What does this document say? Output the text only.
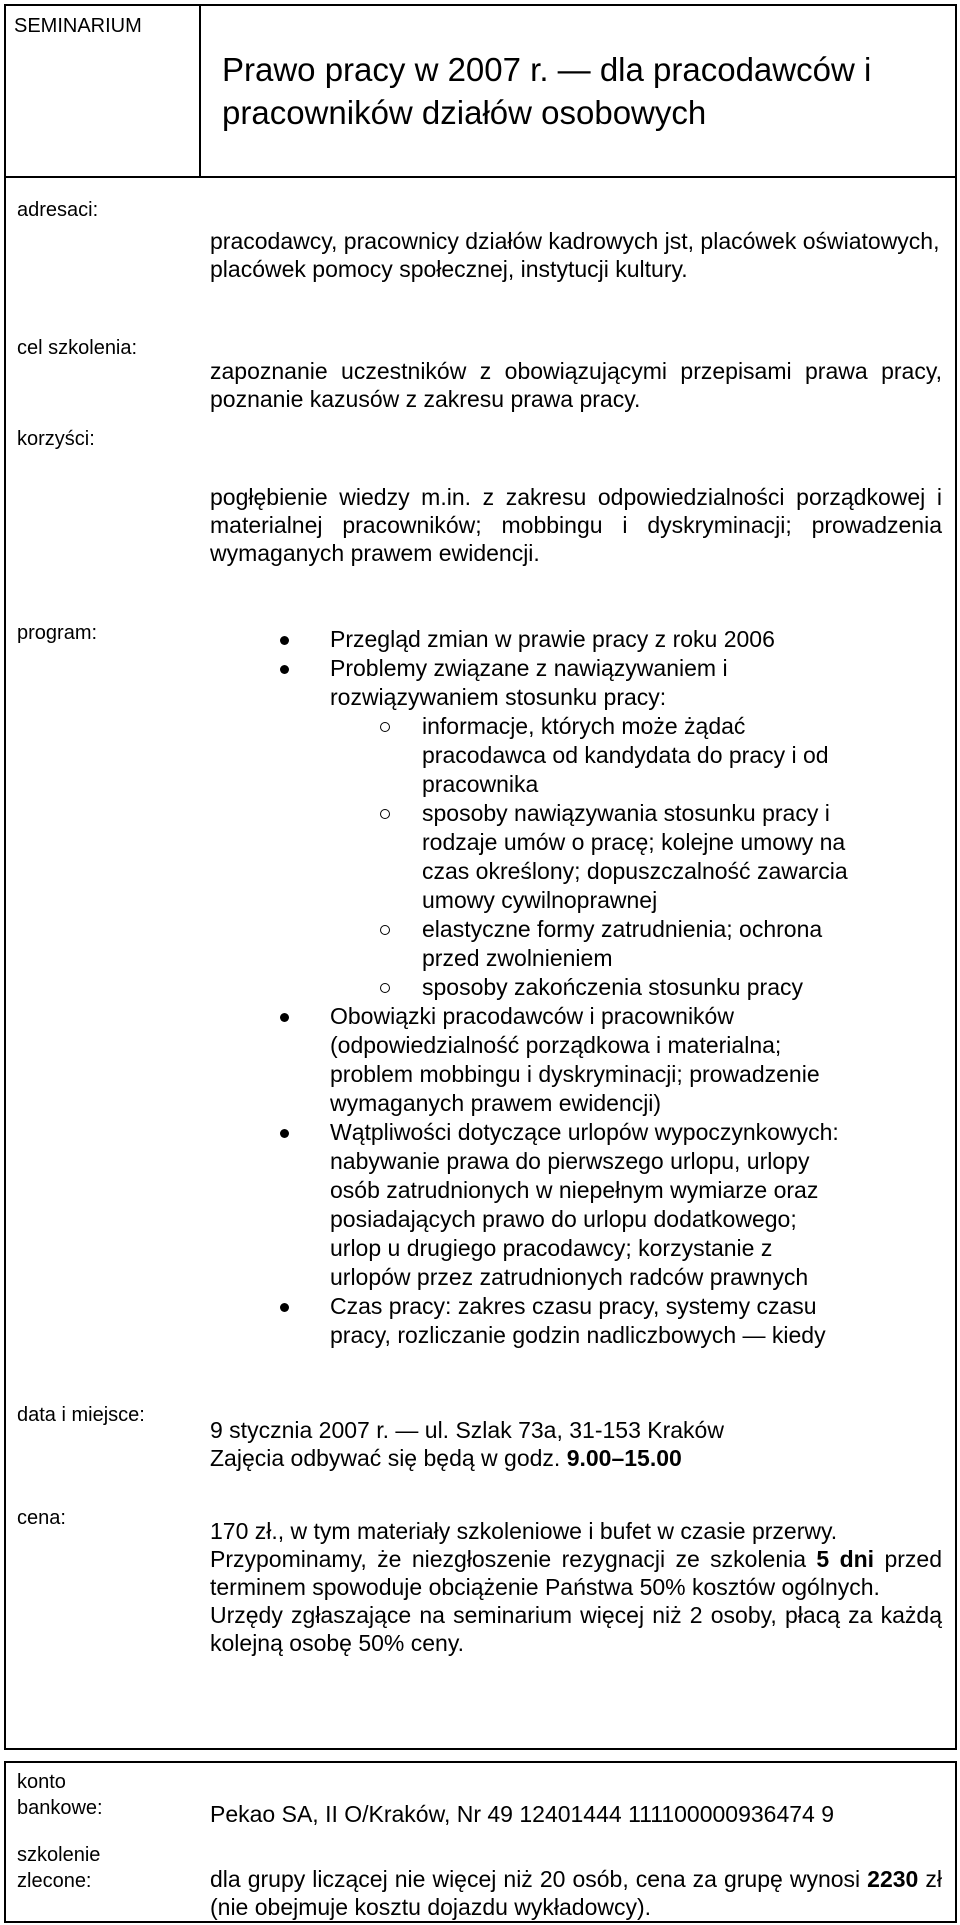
SEMINARIUM
Prawo pracy w 2007 r. — dla pracodawców i pracowników działów osobowych
adresaci:
pracodawcy, pracownicy działów kadrowych jst, placówek oświatowych, placówek pomocy społecznej, instytucji kultury.
cel szkolenia:
zapoznanie uczestników z obowiązującymi przepisami prawa pracy, poznanie kazusów z zakresu prawa pracy.
korzyści:
pogłębienie wiedzy m.in. z zakresu odpowiedzialności porządkowej i materialnej pracowników; mobbingu i dyskryminacji; prowadzenia wymaganych prawem ewidencji.
program:	Przegląd zmian w prawie pracy z roku 2006
Problemy związane z nawiązywaniem i rozwiązywaniem stosunku pracy:
informacje, których może żądać pracodawca od kandydata do pracy i od pracownika
sposoby nawiązywania stosunku pracy i rodzaje umów o pracę; kolejne umowy na czas określony; dopuszczalność zawarcia umowy cywilnoprawnej
elastyczne formy zatrudnienia; ochrona przed zwolnieniem
sposoby zakończenia stosunku pracy
Obowiązki pracodawców i pracowników (odpowiedzialność porządkowa i materialna; problem mobbingu i dyskryminacji; prowadzenie wymaganych prawem ewidencji)
Wątpliwości dotyczące urlopów wypoczynkowych: nabywanie prawa do pierwszego urlopu, urlopy osób zatrudnionych w niepełnym wymiarze oraz posiadających prawo do urlopu dodatkowego; urlop u drugiego pracodawcy; korzystanie z urlopów przez zatrudnionych radców prawnych
Czas pracy: zakres czasu pracy, systemy czasu pracy, rozliczanie godzin nadliczbowych — kiedy
data i miejsce:
9 stycznia 2007 r. — ul. Szlak 73a, 31-153 Kraków
Zajęcia odbywać się będą w godz. 9.00–15.00
cena:	170 zł., w tym materiały szkoleniowe i bufet w czasie przerwy.
Przypominamy, że niezgłoszenie rezygnacji ze szkolenia 5 dni przed terminem spowoduje obciążenie Państwa 50% kosztów ogólnych.
Urzędy zgłaszające na seminarium więcej niż 2 osoby, płacą za każdą kolejną osobę 50% ceny.
konto bankowe:	Pekao SA, II O/Kraków, Nr 49 12401444 111100000936474 9
szkolenie zlecone:	dla grupy liczącej nie więcej niż 20 osób, cena za grupę wynosi 2230 zł (nie obejmuje kosztu dojazdu wykładowcy).
